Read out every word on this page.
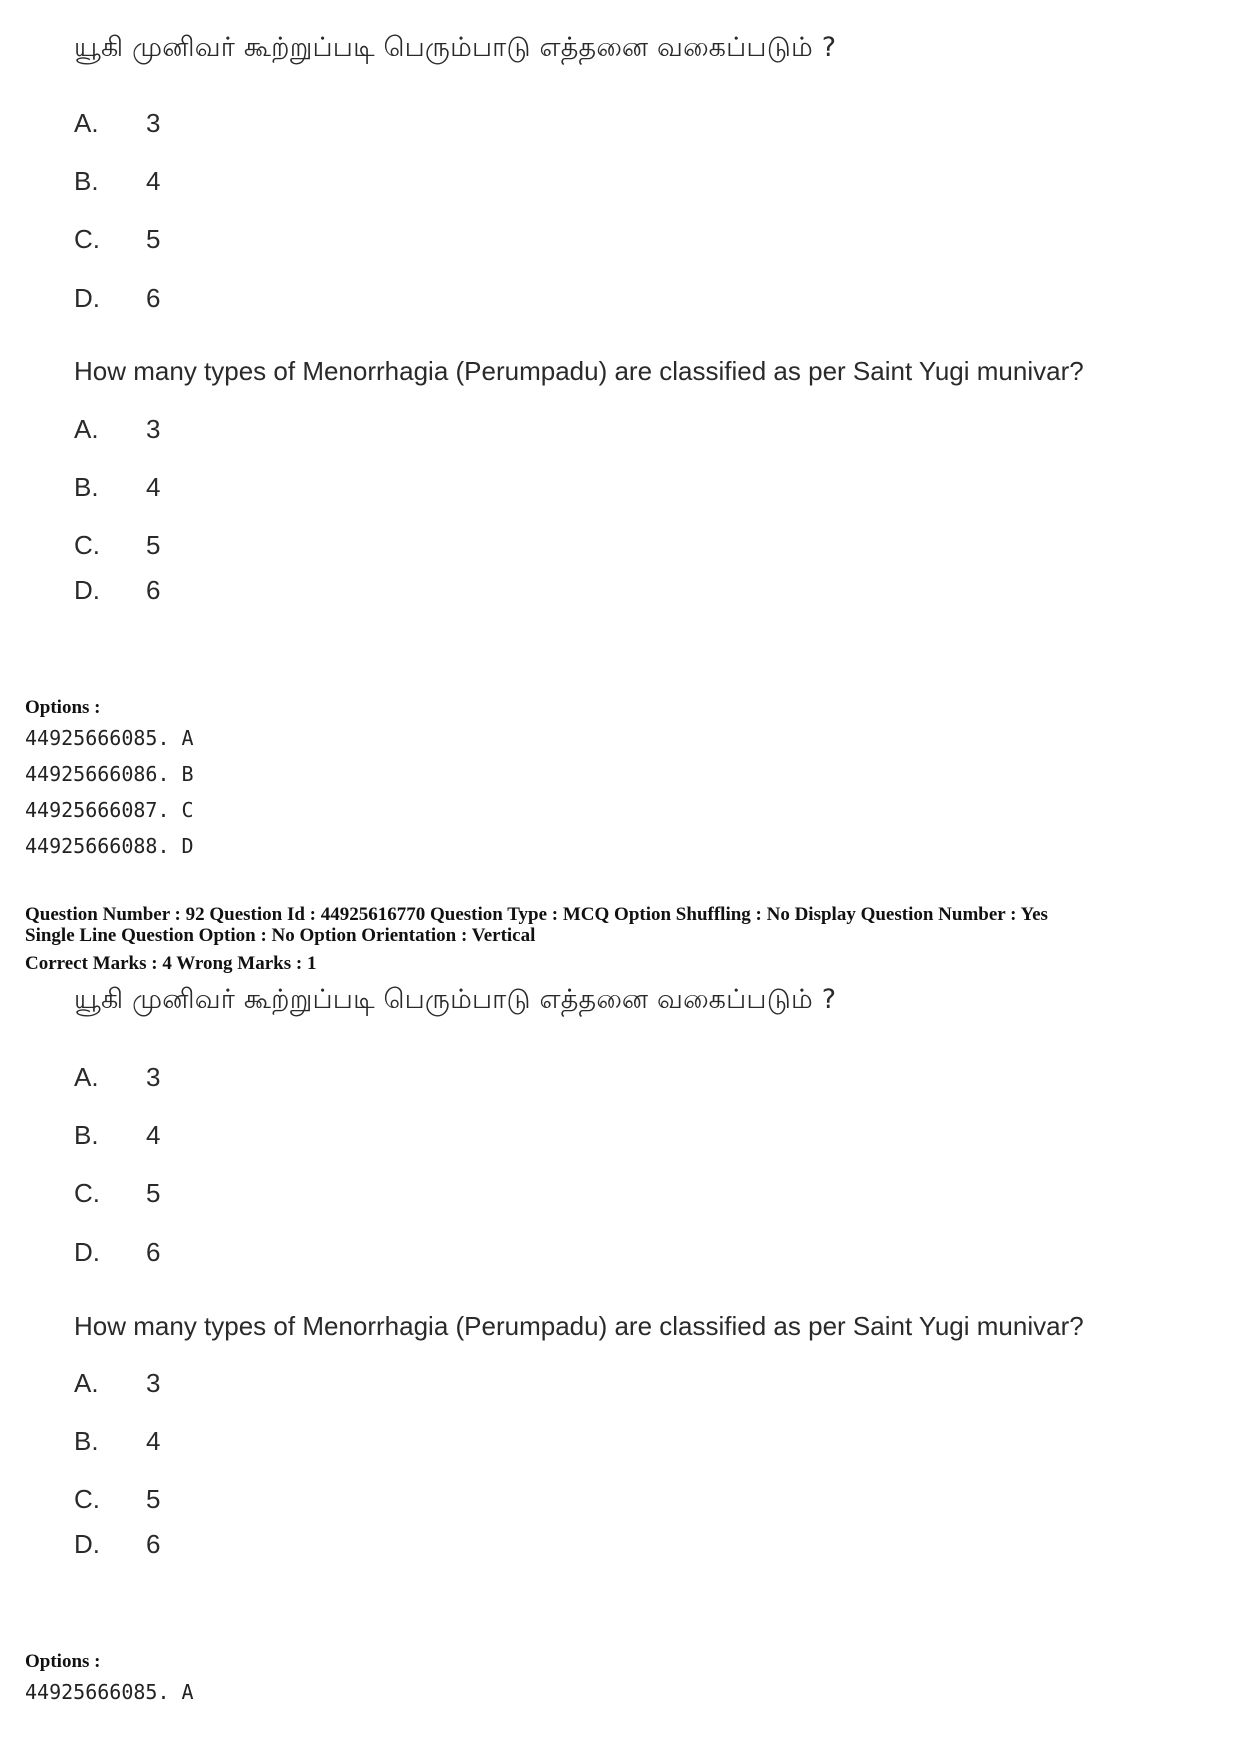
யூகி முனிவர் கூற்றுப்படி பெரும்பாடு எத்தனை வகைப்படும் ?
A. 3
B. 4
C. 5
D. 6
How many types of Menorrhagia (Perumpadu) are classified as per Saint Yugi munivar?
A. 3
B. 4
C. 5
D. 6
Options :
44925666085. A
44925666086. B
44925666087. C
44925666088. D
Question Number : 92 Question Id : 44925616770 Question Type : MCQ Option Shuffling : No Display Question Number : Yes
Single Line Question Option : No Option Orientation : Vertical
Correct Marks : 4 Wrong Marks : 1
யூகி முனிவர் கூற்றுப்படி பெரும்பாடு எத்தனை வகைப்படும் ?
A. 3
B. 4
C. 5
D. 6
How many types of Menorrhagia (Perumpadu) are classified as per Saint Yugi munivar?
A. 3
B. 4
C. 5
D. 6
Options :
44925666085. A
